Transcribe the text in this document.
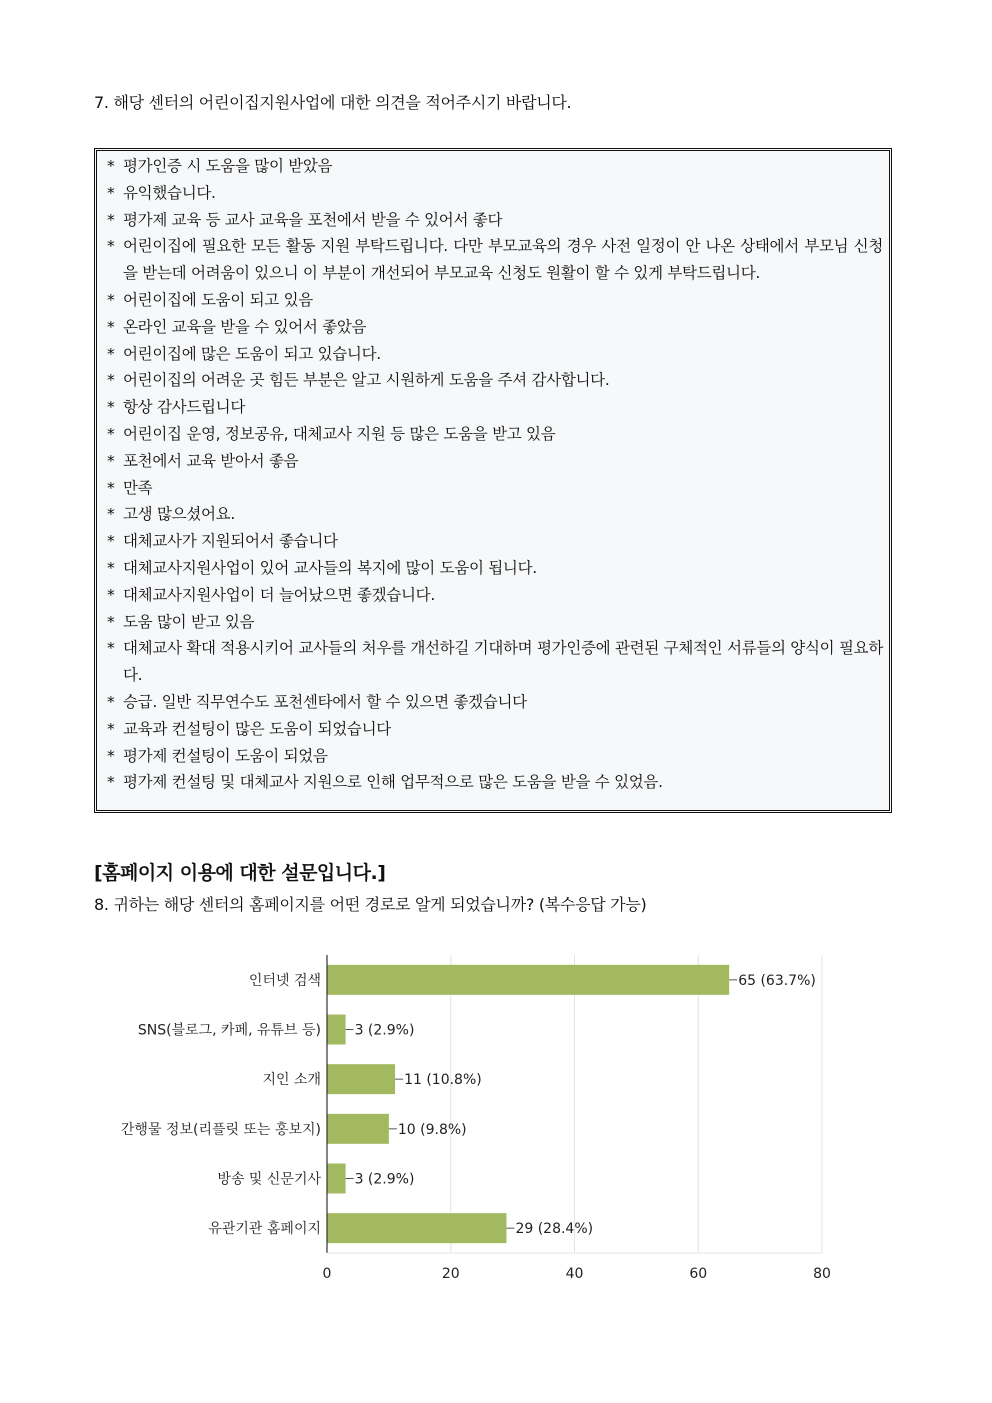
7. 해당 센터의 어린이집지원사업에 대한 의견을 적어주시기 바랍니다.
* 평가인증 시 도움을 많이 받았음
* 유익했습니다.
* 평가제 교육 등 교사 교육을 포천에서 받을 수 있어서 좋다
* 어린이집에 필요한 모든 활동 지원 부탁드립니다. 다만 부모교육의 경우 사전 일정이 안 나온 상태에서 부모님 신청을 받는데 어려움이 있으니 이 부분이 개선되어 부모교육 신청도 원활이 할 수 있게 부탁드립니다.
* 어린이집에 도움이 되고 있음
* 온라인 교육을 받을 수 있어서 좋았음
* 어린이집에 많은 도움이 되고 있습니다.
* 어린이집의 어려운 곳 힘든 부분은 알고 시원하게 도움을 주셔 감사합니다.
* 항상 감사드립니다
* 어린이집 운영, 정보공유, 대체교사 지원 등 많은 도움을 받고 있음
* 포천에서 교육 받아서 좋음
* 만족
* 고생 많으셨어요.
* 대체교사가 지원되어서 좋습니다
* 대체교사지원사업이 있어 교사들의 복지에 많이 도움이 됩니다.
* 대체교사지원사업이 더 늘어났으면 좋겠습니다.
* 도움 많이 받고 있음
* 대체교사 확대 적용시키어 교사들의 처우를 개선하길 기대하며 평가인증에 관련된 구체적인 서류들의 양식이 필요하다.
* 승급. 일반 직무연수도 포천센타에서 할 수 있으면 좋겠습니다
* 교육과 컨설팅이 많은 도움이 되었습니다
* 평가제 컨설팅이 도움이 되었음
* 평가제 컨설팅 및 대체교사 지원으로 인해 업무적으로 많은 도움을 받을 수 있었음.
[홈페이지 이용에 대한 설문입니다.]
8. 귀하는 해당 센터의 홈페이지를 어떤 경로로 알게 되었습니까? (복수응답 가능)
0	20	40	60	80
65 (63.7%)
인터넷 검색
3 (2.9%)
SNS(블로그, 카페, 유튜브 등)
11 (10.8%)
지인 소개
10 (9.8%)
간행물 정보(리플릿 또는 홍보지)
3 (2.9%)
방송 및 신문기사
29 (28.4%)
유관기관 홈페이지
